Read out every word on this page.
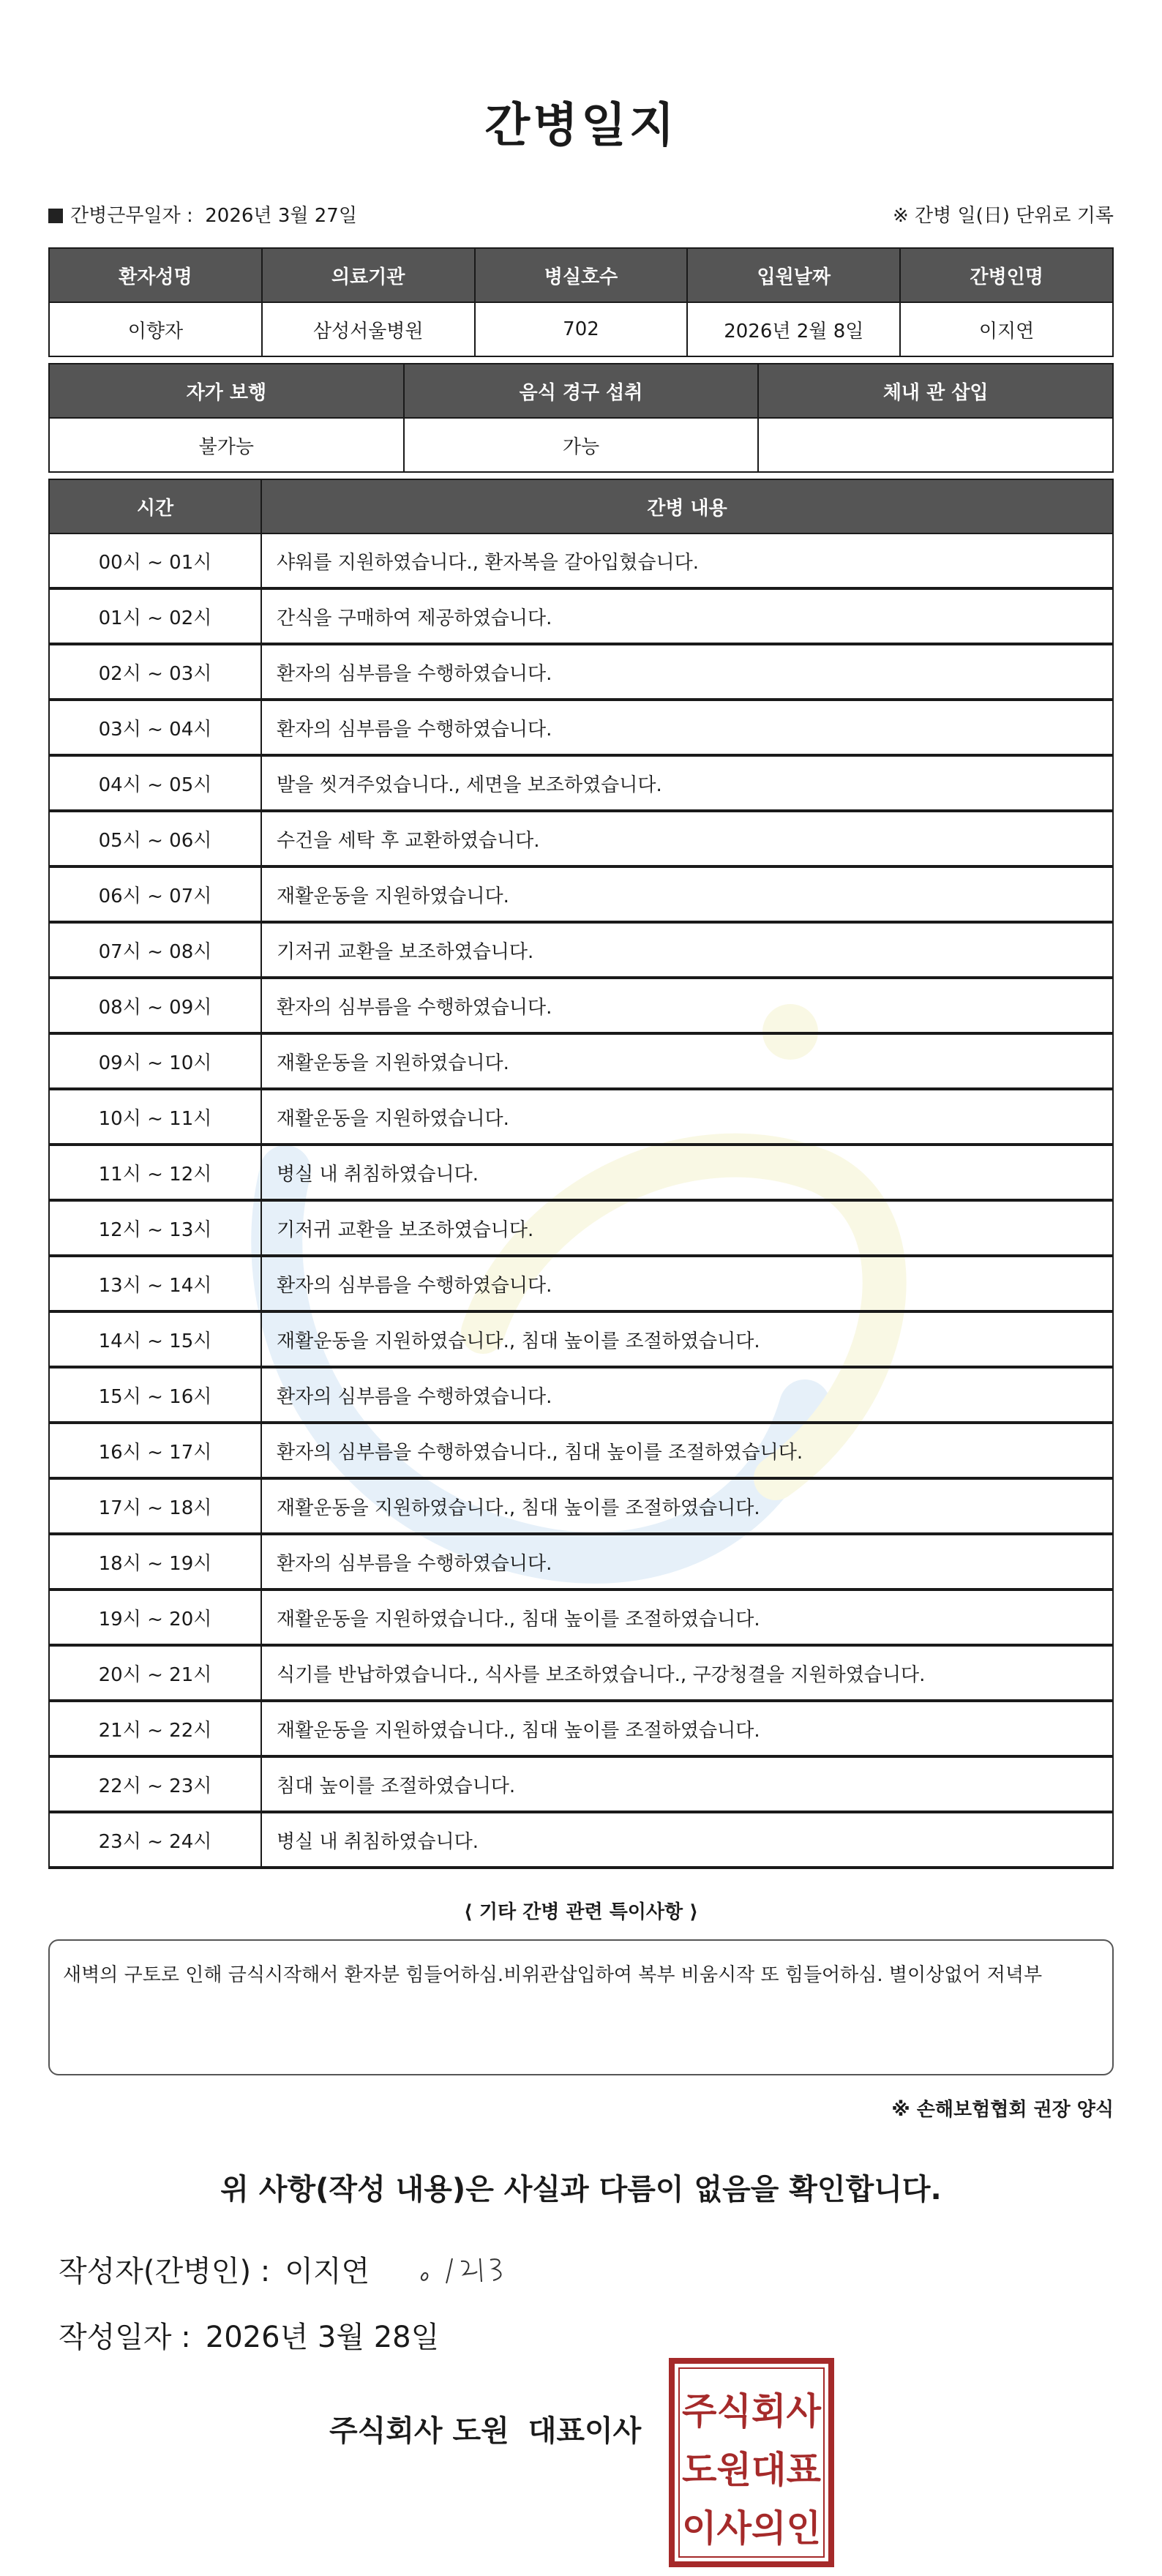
간병일지
간병근무일자 : 2026년 3월 27일	※ 간병 일(日) 단위로 기록
환자성명	의료기관	병실호수	입원날짜	간병인명
이향자	삼성서울병원	702	2026년 2월 8일	이지연
자가 보행	음식 경구 섭취	체내 관 삽입
불가능	가능	
시간	간병 내용
00시 ~ 01시	샤워를 지원하였습니다., 환자복을 갈아입혔습니다.
01시 ~ 02시	간식을 구매하여 제공하였습니다.
02시 ~ 03시	환자의 심부름을 수행하였습니다.
03시 ~ 04시	환자의 심부름을 수행하였습니다.
04시 ~ 05시	발을 씻겨주었습니다., 세면을 보조하였습니다.
05시 ~ 06시	수건을 세탁 후 교환하였습니다.
06시 ~ 07시	재활운동을 지원하였습니다.
07시 ~ 08시	기저귀 교환을 보조하였습니다.
08시 ~ 09시	환자의 심부름을 수행하였습니다.
09시 ~ 10시	재활운동을 지원하였습니다.
10시 ~ 11시	재활운동을 지원하였습니다.
11시 ~ 12시	병실 내 취침하였습니다.
12시 ~ 13시	기저귀 교환을 보조하였습니다.
13시 ~ 14시	환자의 심부름을 수행하였습니다.
14시 ~ 15시	재활운동을 지원하였습니다., 침대 높이를 조절하였습니다.
15시 ~ 16시	환자의 심부름을 수행하였습니다.
16시 ~ 17시	환자의 심부름을 수행하였습니다., 침대 높이를 조절하였습니다.
17시 ~ 18시	재활운동을 지원하였습니다., 침대 높이를 조절하였습니다.
18시 ~ 19시	환자의 심부름을 수행하였습니다.
19시 ~ 20시	재활운동을 지원하였습니다., 침대 높이를 조절하였습니다.
20시 ~ 21시	식기를 반납하였습니다., 식사를 보조하였습니다., 구강청결을 지원하였습니다.
21시 ~ 22시	재활운동을 지원하였습니다., 침대 높이를 조절하였습니다.
22시 ~ 23시	침대 높이를 조절하였습니다.
23시 ~ 24시	병실 내 취침하였습니다.
⟨ 기타 간병 관련 특이사항 ⟩
새벽의 구토로 인해 금식시작해서 환자분 힘들어하심.비위관삽입하여 복부 비움시작 또 힘들어하심. 별이상없어 저녁부
※ 손해보험협회 권장 양식
위 사항(작성 내용)은 사실과 다름이 없음을 확인합니다.
작성자(간병인) : 이지연
작성일자 : 2026년 3월 28일
주식회사 도원 대표이사 주식회사
도원대표
이사의인
